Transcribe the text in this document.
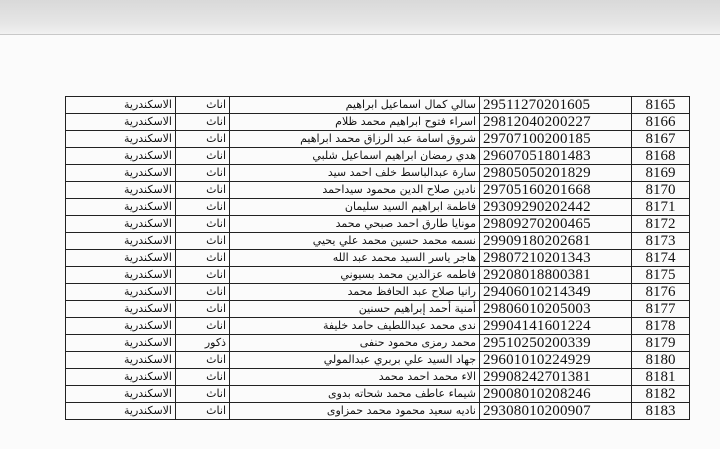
الاسكندرية	اناث	سالي كمال اسماعيل ابراهيم	29511270201605	8165
الاسكندرية	اناث	اسراء فتوح ابراهيم محمد ظلام	29812040200227	8166
الاسكندرية	اناث	شروق اسامة عبد الرزاق محمد ابراهيم	29707100200185	8167
الاسكندرية	اناث	هدي رمضان ابراهيم اسماعيل شلبي	29607051801483	8168
الاسكندرية	اناث	سارة عبدالباسط خلف احمد سيد	29805050201829	8169
الاسكندرية	اناث	نادين صلاح الدين محمود سيداحمد	29705160201668	8170
الاسكندرية	اناث	فاطمة ابراهيم السيد سليمان	29309290202442	8171
الاسكندرية	اناث	مونايا طارق احمد صبحي محمد	29809270200465	8172
الاسكندرية	اناث	نسمه محمد حسين محمد علي يحيي	29909180202681	8173
الاسكندرية	اناث	هاجر ياسر السيد محمد عبد الله	29807210201343	8174
الاسكندرية	اناث	فاطمه عزالدين محمد بسيوني	29208018800381	8175
الاسكندرية	اناث	رانيا صلاح عبد الحافظ محمد	29406010214349	8176
الاسكندرية	اناث	أمنية أحمد إبراهيم حسنين	29806010205003	8177
الاسكندرية	اناث	ندى محمد عبداللطيف حامد خليفة	29904141601224	8178
الاسكندرية	ذكور	محمد رمزى محمود حنفى	29510250200339	8179
الاسكندرية	اناث	جهاد السيد علي بربري عبدالمولي	29601010224929	8180
الاسكندرية	اناث	الاء محمد احمد محمد	29908242701381	8181
الاسكندرية	اناث	شيماء عاطف محمد شحاته بدوى	29008010208246	8182
الاسكندرية	اناث	ناديه سعيد محمود محمد حمزاوى	29308010200907	8183
